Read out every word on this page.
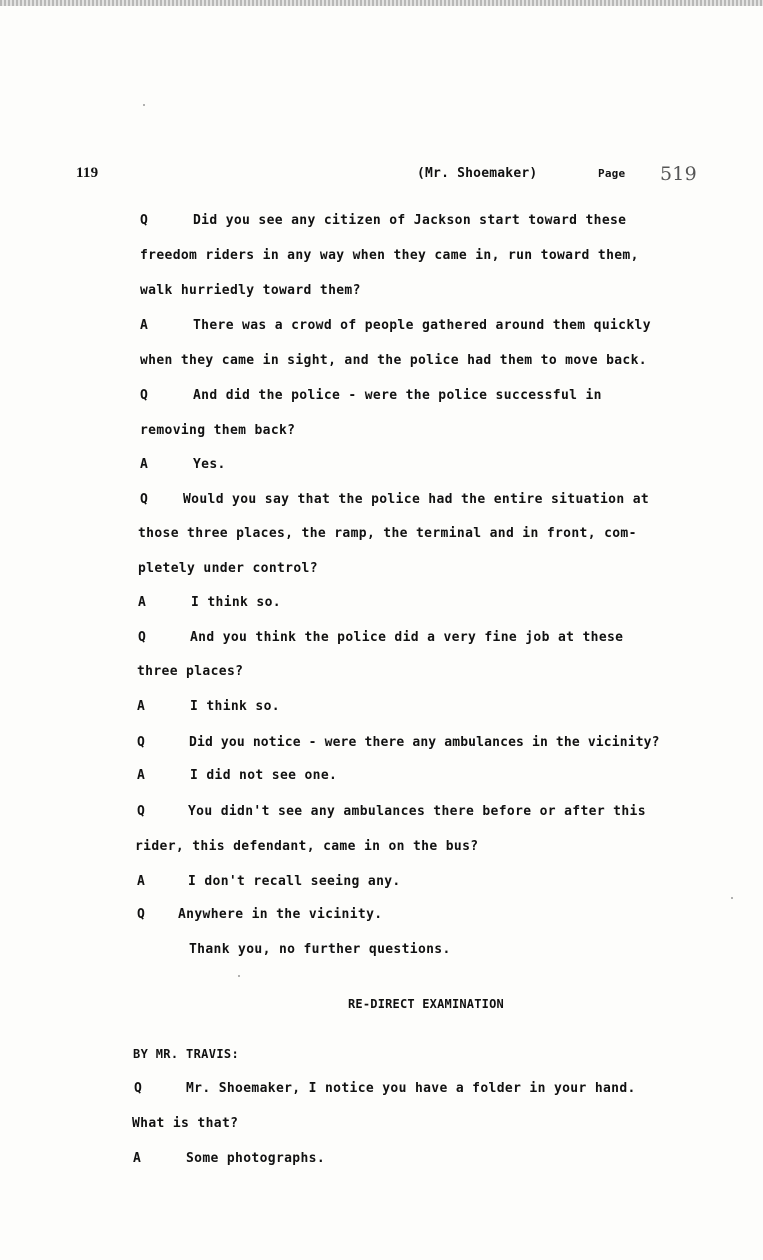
119	(Mr. Shoemaker)	Page 519
Q	Did you see any citizen of Jackson start toward these
freedom riders in any way when they came in, run toward them,
walk hurriedly toward them?
A	There was a crowd of people gathered around them quickly
when they came in sight, and the police had them to move back.
Q	And did the police - were the police successful in
removing them back?
A	Yes.
Q	Would you say that the police had the entire situation at
those three places, the ramp, the terminal and in front, com-
pletely under control?
A	I think so.
Q	And you think the police did a very fine job at these
three places?
A	I think so.
Q	Did you notice - were there any ambulances in the vicinity?
A	I did not see one.
Q	You didn't see any ambulances there before or after this
rider, this defendant, came in on the bus?
A	I don't recall seeing any.
Q	Anywhere in the vicinity.
Thank you, no further questions.
RE-DIRECT EXAMINATION
BY MR. TRAVIS:
Q	Mr. Shoemaker, I notice you have a folder in your hand.
What is that?
A	Some photographs.
